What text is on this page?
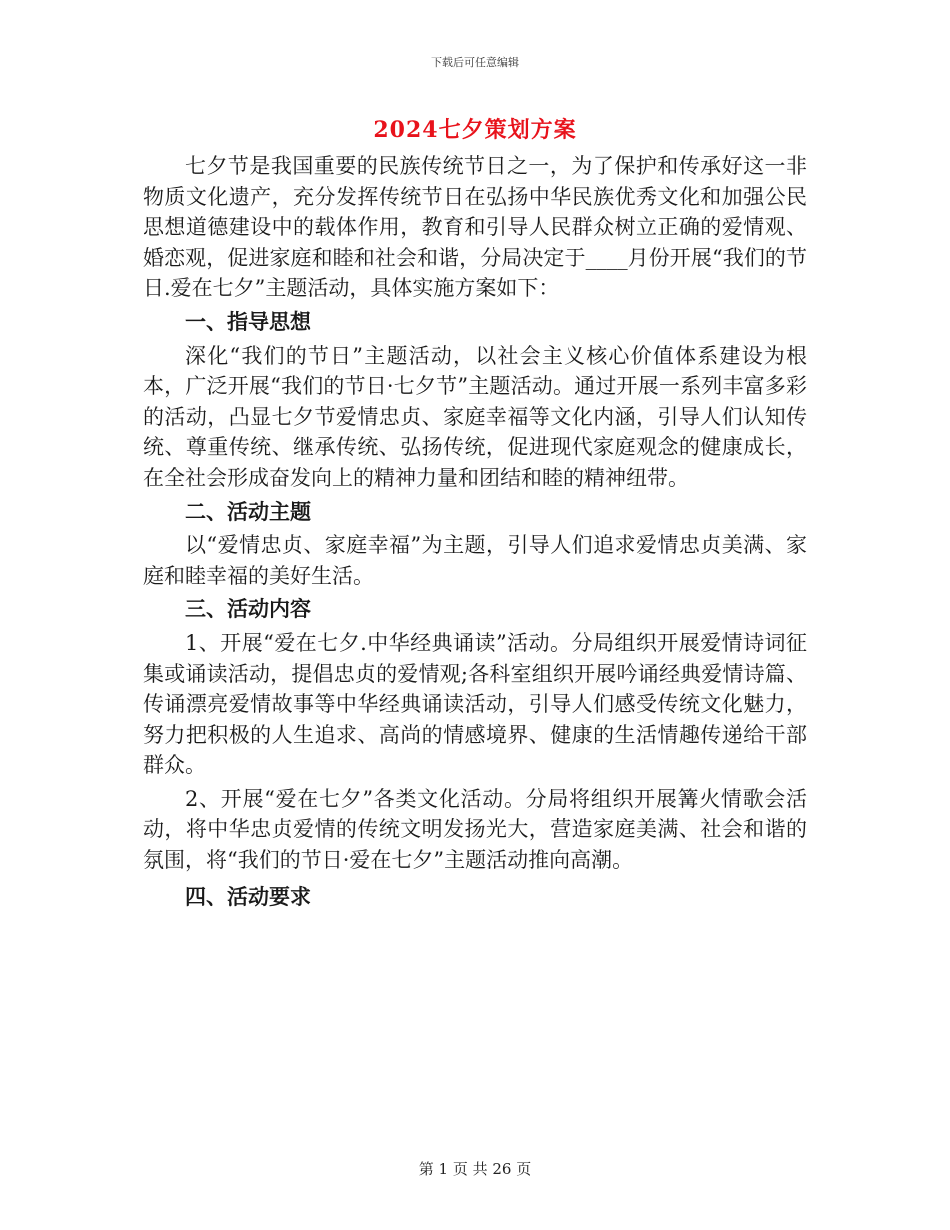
下载后可任意编辑
2024七夕策划方案

七夕节是我国重要的民族传统节日之一，为了保护和传承好这一非物质文化遗产，充分发挥传统节日在弘扬中华民族优秀文化和加强公民思想道德建设中的载体作用，教育和引导人民群众树立正确的爱情观、婚恋观，促进家庭和睦和社会和谐，分局决定于____月份开展“我们的节日.爱在七夕”主题活动，具体实施方案如下：

一、指导思想

深化“我们的节日”主题活动，以社会主义核心价值体系建设为根本，广泛开展“我们的节日·七夕节”主题活动。通过开展一系列丰富多彩的活动，凸显七夕节爱情忠贞、家庭幸福等文化内涵，引导人们认知传统、尊重传统、继承传统、弘扬传统，促进现代家庭观念的健康成长，在全社会形成奋发向上的精神力量和团结和睦的精神纽带。

二、活动主题

以“爱情忠贞、家庭幸福”为主题，引导人们追求爱情忠贞美满、家庭和睦幸福的美好生活。

三、活动内容

1、开展“爱在七夕.中华经典诵读”活动。分局组织开展爱情诗词征集或诵读活动，提倡忠贞的爱情观;各科室组织开展吟诵经典爱情诗篇、传诵漂亮爱情故事等中华经典诵读活动，引导人们感受传统文化魅力，努力把积极的人生追求、高尚的情感境界、健康的生活情趣传递给干部群众。

2、开展“爱在七夕”各类文化活动。分局将组织开展篝火情歌会活动，将中华忠贞爱情的传统文明发扬光大，营造家庭美满、社会和谐的氛围，将“我们的节日·爱在七夕”主题活动推向高潮。

四、活动要求
第 1 页 共 26 页
